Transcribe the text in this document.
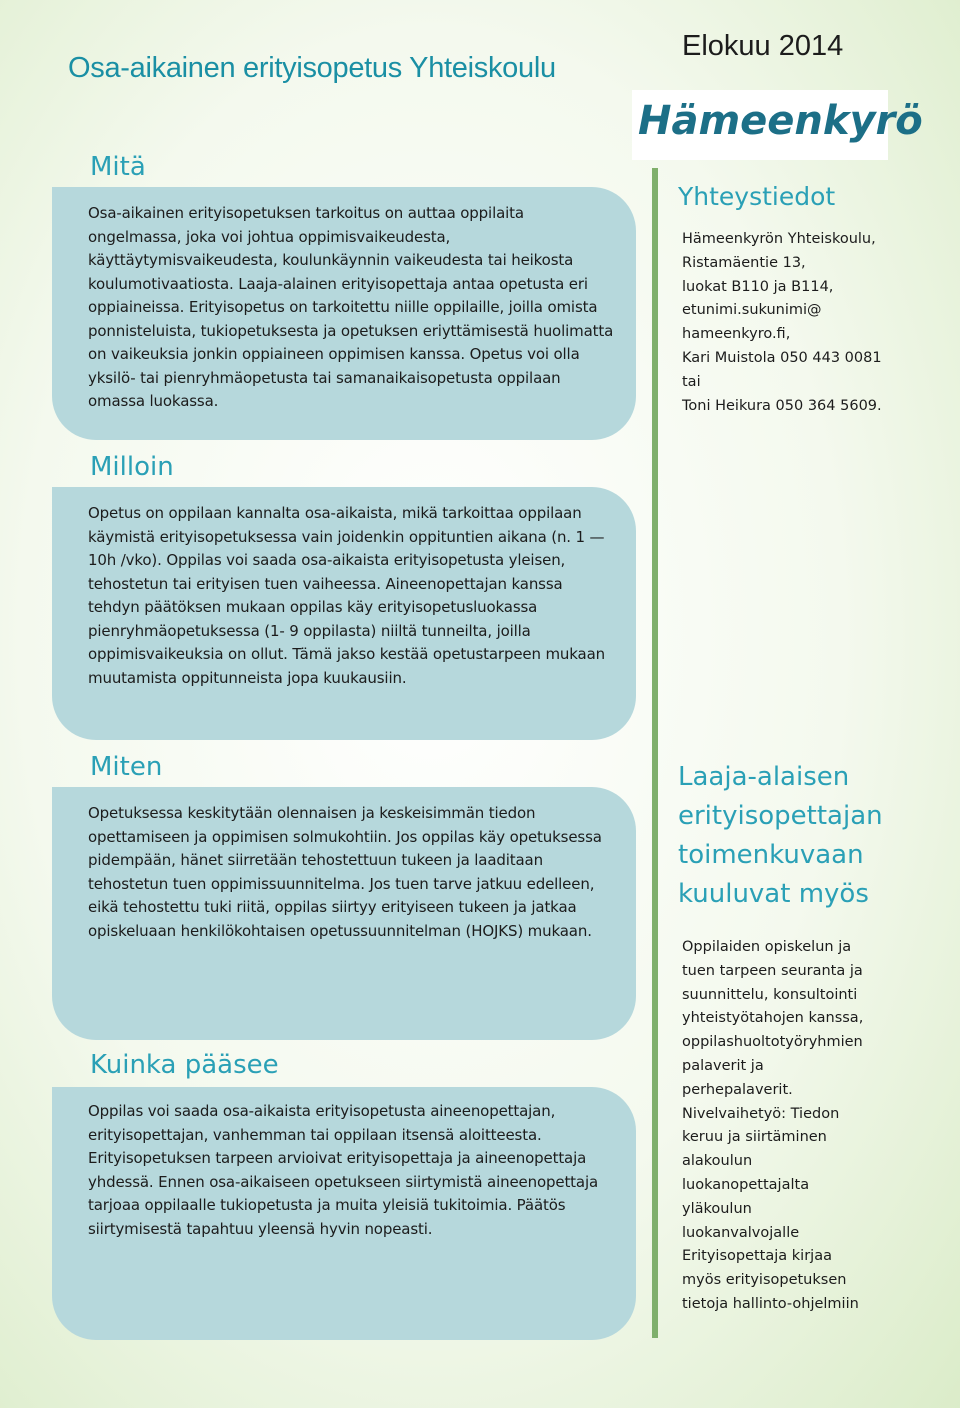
Osa-aikainen erityisopetus Yhteiskoulu
Elokuu 2014
Hämeenkyrö
Mitä

Osa-aikainen erityisopetuksen tarkoitus on auttaa oppilaita ongelmassa, joka voi johtua oppimisvaikeudesta, käyttäytymisvaikeudesta, koulunkäynnin vaikeudesta tai heikosta koulumotivaatiosta. Laaja-alainen erityisopettaja antaa opetusta eri oppiaineissa. Erityisopetus on tarkoitettu niille oppilaille, joilla omista ponnisteluista, tukiopetuksesta ja opetuksen eriyttämisestä huolimatta on vaikeuksia jonkin oppiaineen oppimisen kanssa. Opetus voi olla yksilö- tai pienryhmäopetusta tai samanaikaisopetusta oppilaan omassa luokassa.

Milloin

Opetus on oppilaan kannalta osa-aikaista, mikä tarkoittaa oppilaan käymistä erityisopetuksessa vain joidenkin oppituntien aikana (n. 1 — 10h /vko). Oppilas voi saada osa-aikaista erityisopetusta yleisen, tehostetun tai erityisen tuen vaiheessa. Aineenopettajan kanssa tehdyn päätöksen mukaan oppilas käy erityisopetusluokassa pienryhmäopetuksessa (1- 9 oppilasta) niiltä tunneilta, joilla oppimisvaikeuksia on ollut. Tämä jakso kestää opetustarpeen mukaan muutamista oppitunneista jopa kuukausiin.

Miten

Opetuksessa keskitytään olennaisen ja keskeisimmän tiedon opettamiseen ja oppimisen solmukohtiin. Jos oppilas käy opetuksessa pidempään, hänet siirretään tehostettuun tukeen ja laaditaan tehostetun tuen oppimissuunnitelma. Jos tuen tarve jatkuu edelleen, eikä tehostettu tuki riitä, oppilas siirtyy erityiseen tukeen ja jatkaa opiskeluaan henkilökohtaisen opetussuunnitelman (HOJKS) mukaan.

Kuinka pääsee

Oppilas voi saada osa-aikaista erityisopetusta aineenopettajan, erityisopettajan, vanhemman tai oppilaan itsensä aloitteesta. Erityisopetuksen tarpeen arvioivat erityisopettaja ja aineenopettaja yhdessä. Ennen osa-aikaiseen opetukseen siirtymistä aineenopettaja tarjoaa oppilaalle tukiopetusta ja muita yleisiä tukitoimia. Päätös siirtymisestä tapahtuu yleensä hyvin nopeasti.

Yhteystiedot
Hämeenkyrön Yhteiskoulu,
Ristamäentie 13,
luokat B110 ja B114,
etunimi.sukunimi@
hameenkyro.fi,
Kari Muistola 050 443 0081
tai
Toni Heikura 050 364 5609.
Laaja-alaisen
erityisopettajan
toimenkuvaan
kuuluvat myös
Oppilaiden opiskelun ja
tuen tarpeen seuranta ja
suunnittelu, konsultointi
yhteistyötahojen kanssa,
oppilashuoltotyöryhmien
palaverit ja
perhepalaverit.
Nivelvaihetyö: Tiedon
keruu ja siirtäminen
alakoulun
luokanopettajalta
yläkoulun
luokanvalvojalle
Erityisopettaja kirjaa
myös erityisopetuksen
tietoja hallinto-ohjelmiin
